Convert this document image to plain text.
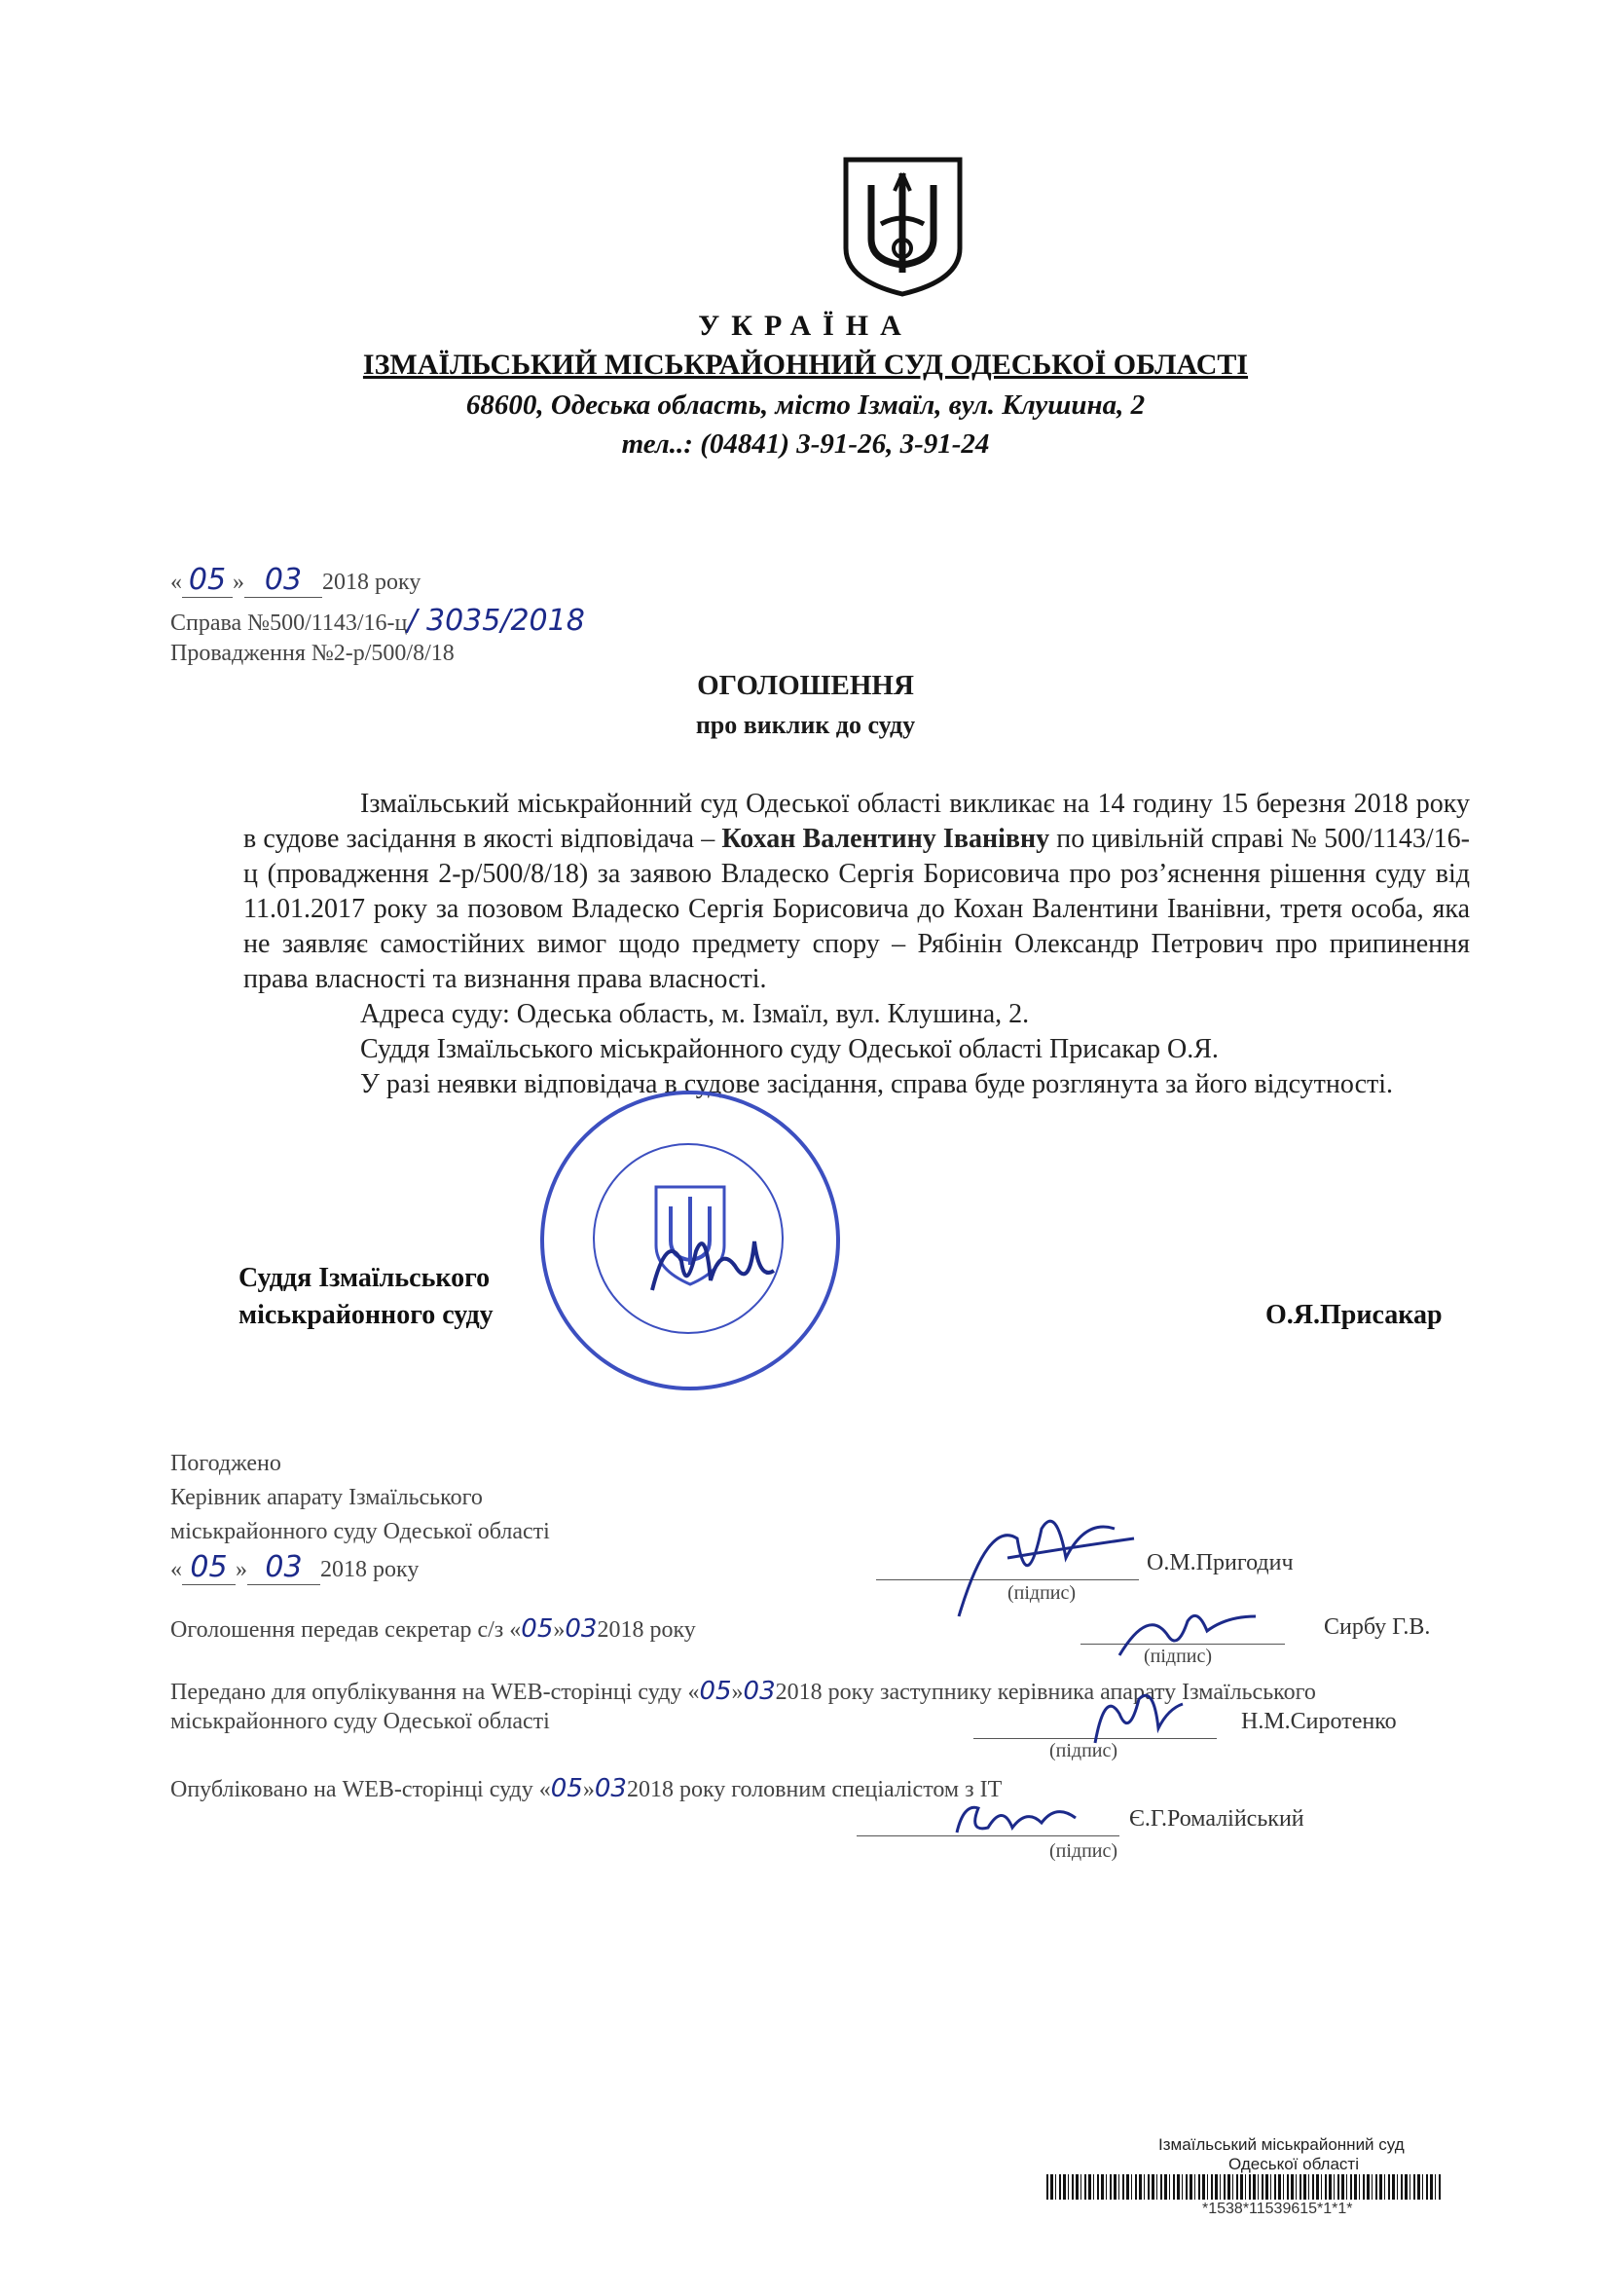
УКРАЇНА
ІЗМАЇЛЬСЬКИЙ МІСЬКРАЙОННИЙ СУД ОДЕСЬКОЇ ОБЛАСТІ
68600, Одеська область, місто Ізмаїл, вул. Клушина, 2
тел..: (04841) 3-91-26, 3-91-24
« 05 » 03 2018 року
Справа №500/1143/16-ц/ 3035/2018
Провадження №2-р/500/8/18
ОГОЛОШЕННЯ
про виклик до суду

Ізмаїльський міськрайонний суд Одеської області викликає на 14 годину 15 березня 2018 року в судове засідання в якості відповідача – Кохан Валентину Іванівну по цивільній справі № 500/1143/16-ц (провадження 2-р/500/8/18) за заявою Владеско Сергія Борисовича про роз’яснення рішення суду від 11.01.2017 року за позовом Владеско Сергія Борисовича до Кохан Валентини Іванівни, третя особа, яка не заявляє самостійних вимог щодо предмету спору – Рябінін Олександр Петрович про припинення права власності та визнання права власності.

Адреса суду: Одеська область, м. Ізмаїл, вул. Клушина, 2.

Суддя Ізмаїльського міськрайонного суду Одеської області Присакар О.Я.

У разі неявки відповідача в судове засідання, справа буде розглянута за його відсутності.

Суддя Ізмаїльського
міськрайонного суду	О.Я.Присакар
Погоджено
Керівник апарату Ізмаїльського
міськрайонного суду Одеської області
« 05 » 03 2018 року	О.М.Пригодич
(підпис)
Оголошення передав секретар с/з «05»032018 року	Сирбу Г.В.
(підпис)
Передано для опублікування на WEB-сторінці суду «05»032018 року заступнику керівника апарату Ізмаїльського
міськрайонного суду Одеської області	Н.М.Сиротенко
(підпис)
Опубліковано на WEB-сторінці суду «05»032018 року головним спеціалістом з ІТ
Є.Г.Ромалійський
(підпис)
Ізмаїльський міськрайонний суд
Одеської області
*1538*11539615*1*1*
